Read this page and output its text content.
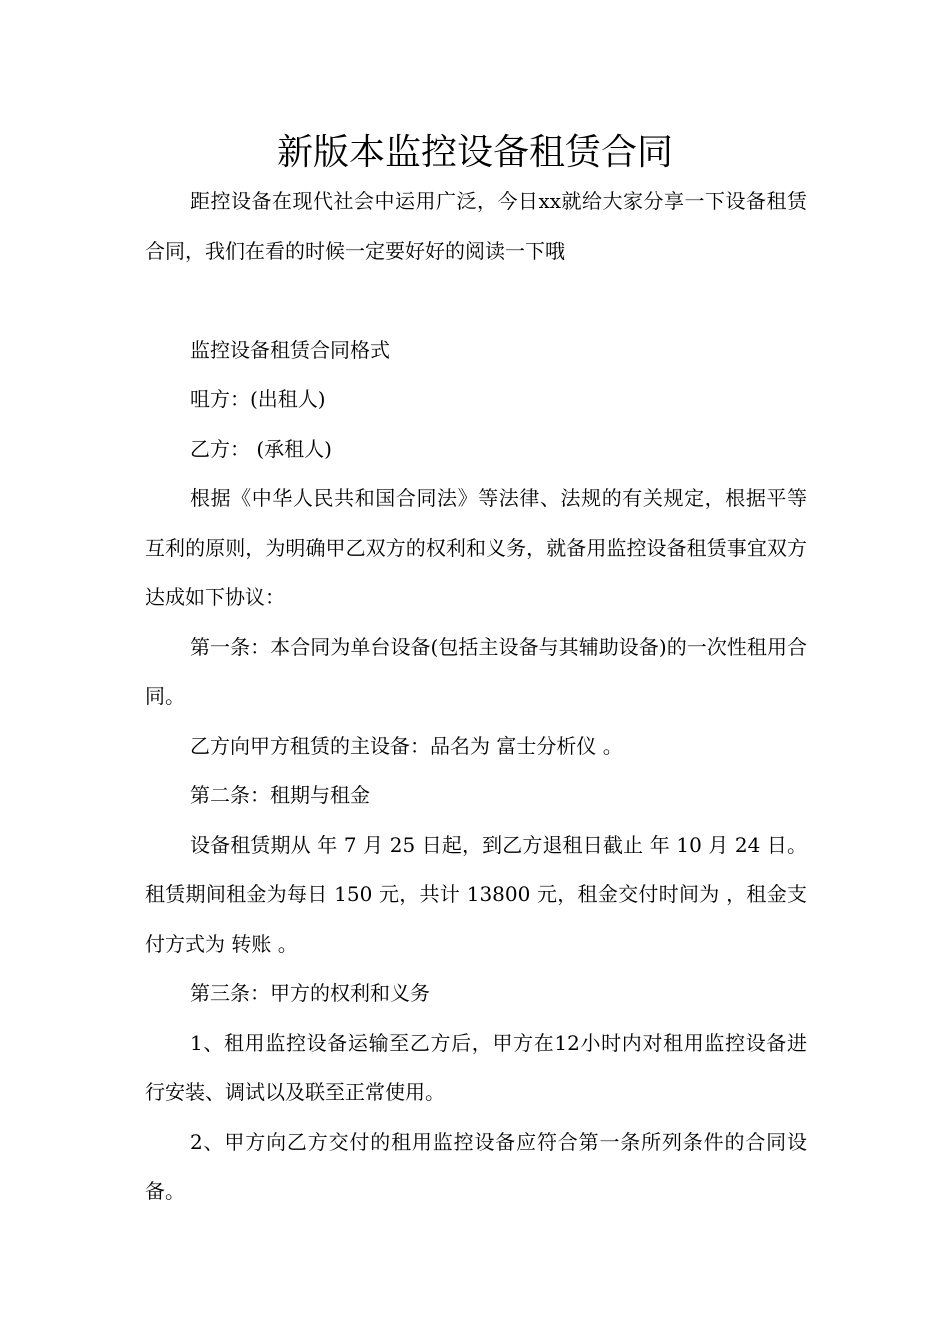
新版本监控设备租赁合同

距控设备在现代社会中运用广泛，今日xx就给大家分享一下设备租赁合同，我们在看的时候一定要好好的阅读一下哦

监控设备租赁合同格式

咀方：(出租人)

乙方： (承租人)

根据《中华人民共和国合同法》等法律、法规的有关规定，根据平等互利的原则，为明确甲乙双方的权利和义务，就备用监控设备租赁事宜双方达成如下协议：

第一条：本合同为单台设备(包括主设备与其辅助设备)的一次性租用合同。

乙方向甲方租赁的主设备：品名为 富士分析仪 。

第二条：租期与租金

设备租赁期从 年 7 月 25 日起，到乙方退租日截止 年 10 月 24 日。租赁期间租金为每日 150 元，共计 13800 元，租金交付时间为 ，租金支付方式为 转账 。

第三条：甲方的权利和义务

1、租用监控设备运输至乙方后，甲方在12小时内对租用监控设备进行安装、调试以及联至正常使用。

2、甲方向乙方交付的租用监控设备应符合第一条所列条件的合同设备。
